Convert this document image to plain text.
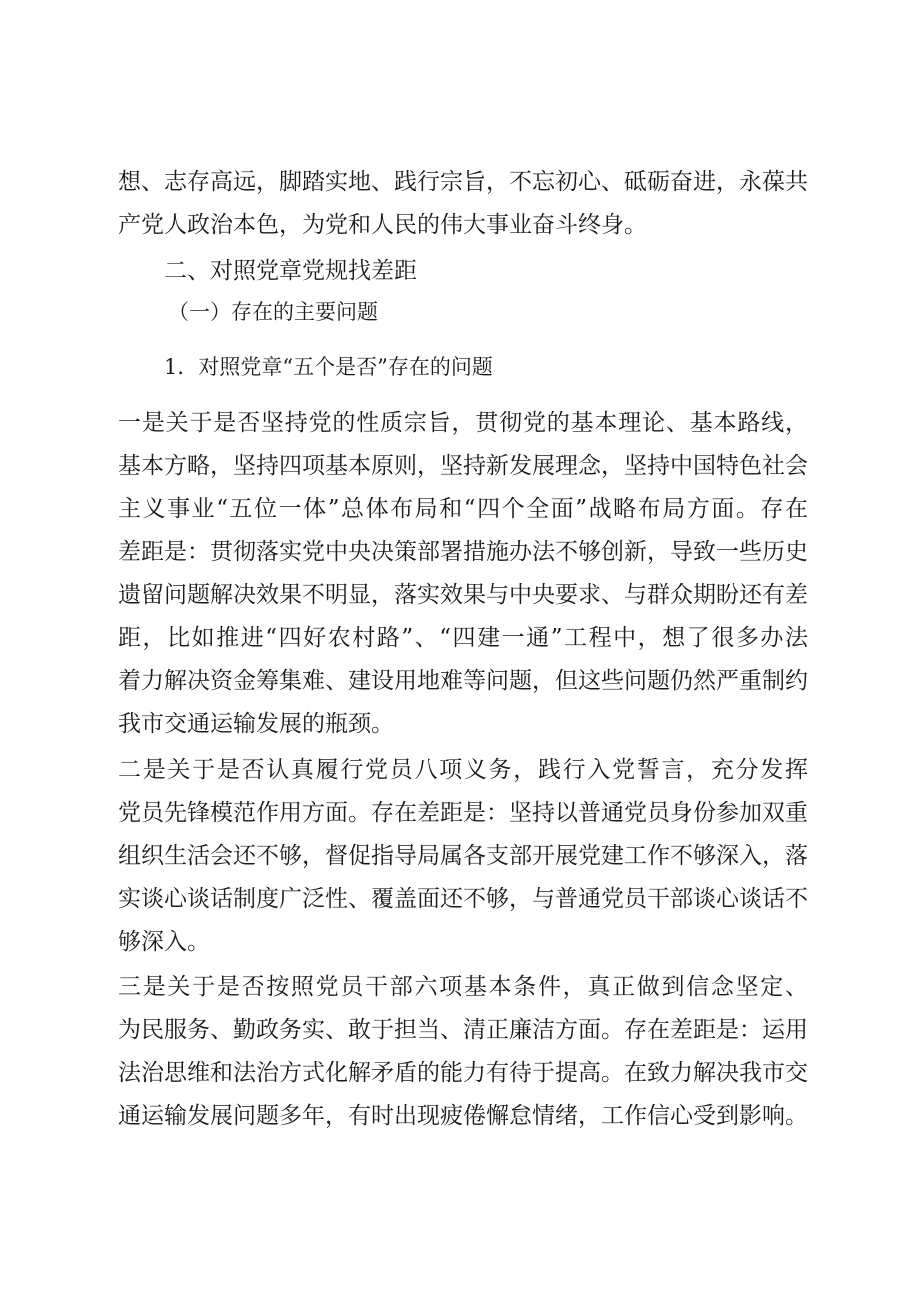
想、志存高远，脚踏实地、践行宗旨，不忘初心、砥砺奋进，永葆共
产党人政治本色，为党和人民的伟大事业奋斗终身。
二、对照党章党规找差距
（一）存在的主要问题
1．对照党章“五个是否”存在的问题
一是关于是否坚持党的性质宗旨，贯彻党的基本理论、基本路线，
基本方略，坚持四项基本原则，坚持新发展理念，坚持中国特色社会
主义事业“五位一体”总体布局和“四个全面”战略布局方面。存在
差距是：贯彻落实党中央决策部署措施办法不够创新，导致一些历史
遗留问题解决效果不明显，落实效果与中央要求、与群众期盼还有差
距，比如推进“四好农村路”、“四建一通”工程中，想了很多办法
着力解决资金筹集难、建设用地难等问题，但这些问题仍然严重制约
我市交通运输发展的瓶颈。
二是关于是否认真履行党员八项义务，践行入党誓言，充分发挥
党员先锋模范作用方面。存在差距是：坚持以普通党员身份参加双重
组织生活会还不够，督促指导局属各支部开展党建工作不够深入，落
实谈心谈话制度广泛性、覆盖面还不够，与普通党员干部谈心谈话不
够深入。
三是关于是否按照党员干部六项基本条件，真正做到信念坚定、
为民服务、勤政务实、敢于担当、清正廉洁方面。存在差距是：运用
法治思维和法治方式化解矛盾的能力有待于提高。在致力解决我市交
通运输发展问题多年，有时出现疲倦懈怠情绪，工作信心受到影响。
